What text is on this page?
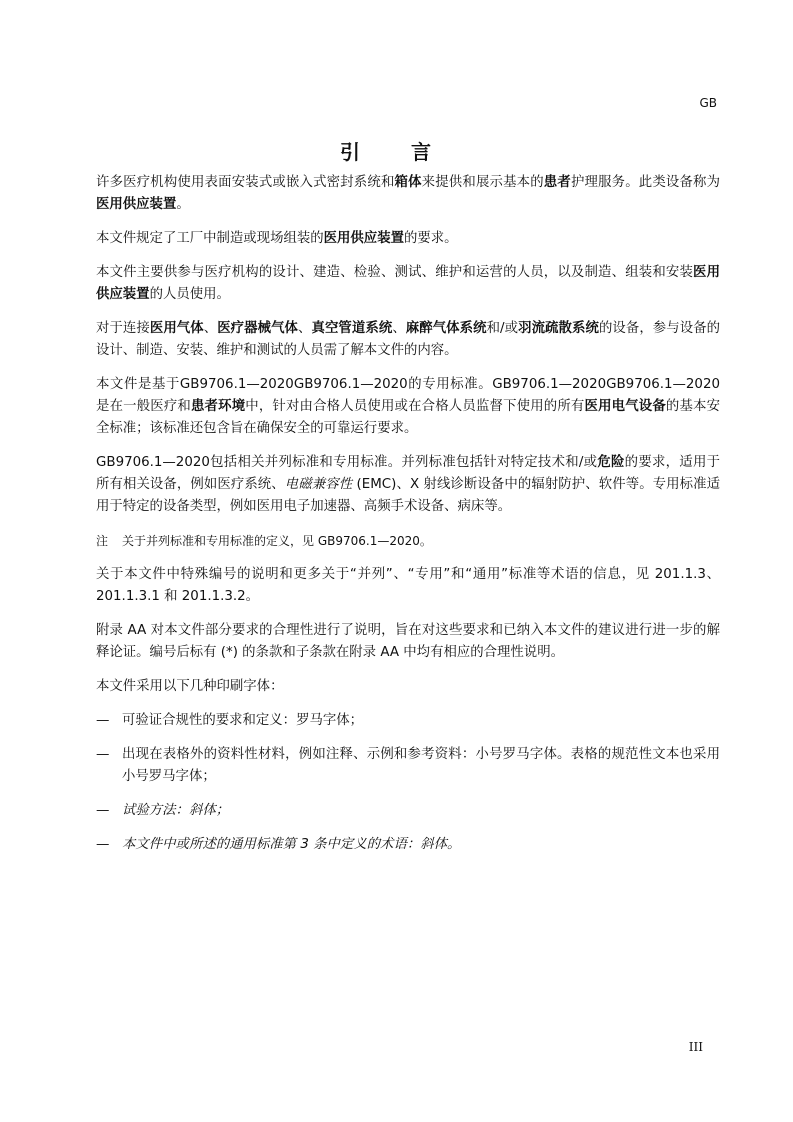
GB
引 言

许多医疗机构使用表面安装式或嵌入式密封系统和箱体来提供和展示基本的患者护理服务。此类设备称为医用供应装置。

本文件规定了工厂中制造或现场组装的医用供应装置的要求。

本文件主要供参与医疗机构的设计、建造、检验、测试、维护和运营的人员，以及制造、组装和安装医用供应装置的人员使用。

对于连接医用气体、医疗器械气体、真空管道系统、麻醉气体系统和/或羽流疏散系统的设备，参与设备的设计、制造、安装、维护和测试的人员需了解本文件的内容。

本文件是基于GB9706.1—2020GB9706.1—2020的专用标准。GB9706.1—2020GB9706.1—2020是在一般医疗和患者环境中，针对由合格人员使用或在合格人员监督下使用的所有医用电气设备的基本安全标准；该标准还包含旨在确保安全的可靠运行要求。

GB9706.1—2020包括相关并列标准和专用标准。并列标准包括针对特定技术和/或危险的要求，适用于所有相关设备，例如医疗系统、电磁兼容性 (EMC)、X 射线诊断设备中的辐射防护、软件等。专用标准适用于特定的设备类型，例如医用电子加速器、高频手术设备、病床等。

注 关于并列标准和专用标准的定义，见 GB9706.1—2020。

关于本文件中特殊编号的说明和更多关于“并列”、“专用”和“通用”标准等术语的信息，见 201.1.3、201.1.3.1 和 201.1.3.2。

附录 AA 对本文件部分要求的合理性进行了说明，旨在对这些要求和已纳入本文件的建议进行进一步的解释论证。编号后标有 (*) 的条款和子条款在附录 AA 中均有相应的合理性说明。

本文件采用以下几种印刷字体：

— 可验证合规性的要求和定义：罗马字体；
— 出现在表格外的资料性材料，例如注释、示例和参考资料：小号罗马字体。表格的规范性文本也采用小号罗马字体；
— 试验方法：斜体；
— 本文件中或所述的通用标准第 3 条中定义的术语：斜体。
III
